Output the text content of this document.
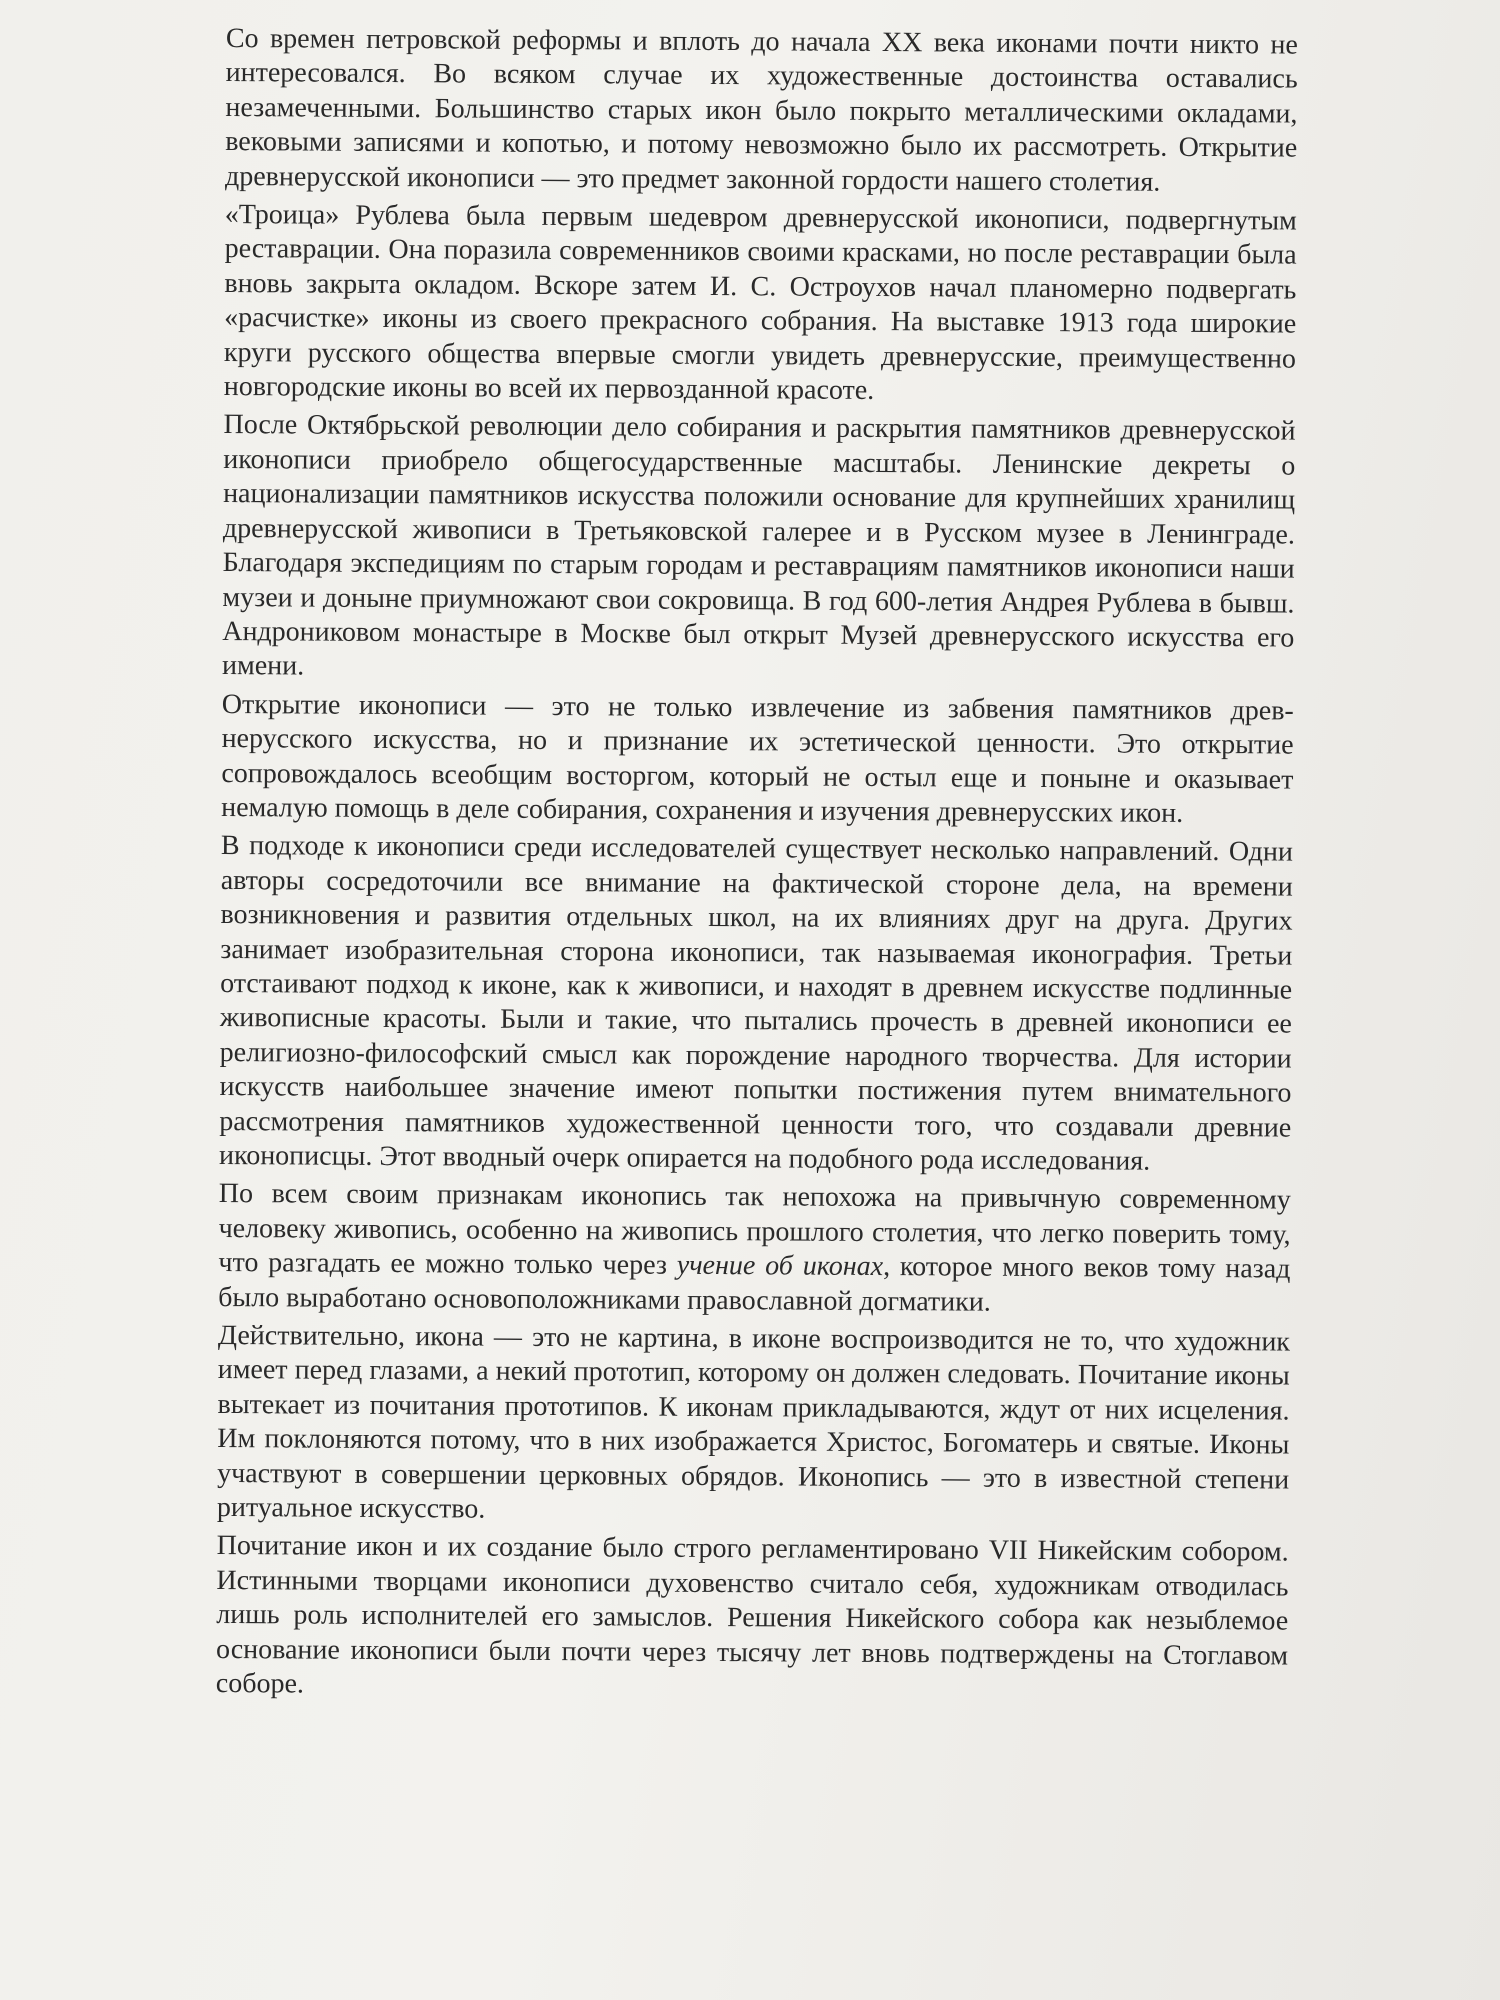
Со времен петровской реформы и вплоть до начала XX века иконами почти никто не интересовался. Во всяком случае их художественные достоинства оставались незамеченными. Большинство старых икон было покрыто металлическими окладами, вековыми записями и копотью, и потому невозможно было их рассмотреть. Открытие древнерусской иконописи — это предмет законной гордости нашего столетия.

«Троица» Рублева была первым шедевром древнерусской иконописи, подвергнутым реставрации. Она поразила современников своими красками, но после реставрации была вновь закрыта окладом. Вскоре затем И. С. Остроухов начал планомерно подвергать «расчистке» иконы из своего прекрасного собрания. На выставке 1913 года широкие круги русского общества впервые смогли увидеть древнерусские, преимущественно новгородские иконы во всей их первозданной красоте.

После Октябрьской революции дело собирания и раскрытия памятников древнерусской иконописи приобрело общегосударственные масштабы. Ленинские декреты о национализации памятников искусства положили основание для крупнейших хранилищ древнерусской живописи в Третьяковской галерее и в Русском музее в Ленинграде. Благодаря экспедициям по старым городам и реставрациям памятников иконописи наши музеи и доныне приумножают свои сокровища. В год 600-летия Андрея Рублева в бывш. Андрониковом монастыре в Москве был открыт Музей древнерусского искусства его имени.

Открытие иконописи — это не только извлечение из забвения памятников древнерусского искусства, но и признание их эстетической ценности. Это открытие сопровождалось всеобщим восторгом, который не остыл еще и поныне и оказывает немалую помощь в деле собирания, сохранения и изучения древнерусских икон.

В подходе к иконописи среди исследователей существует несколько направлений. Одни авторы сосредоточили все внимание на фактической стороне дела, на времени возникновения и развития отдельных школ, на их влияниях друг на друга. Других занимает изобразительная сторона иконописи, так называемая иконография. Третьи отстаивают подход к иконе, как к живописи, и находят в древнем искусстве подлинные живописные красоты. Были и такие, что пытались прочесть в древней иконописи ее религиозно-философский смысл как порождение народного творчества. Для истории искусств наибольшее значение имеют попытки постижения путем внимательного рассмотрения памятников художественной ценности того, что создавали древние иконописцы. Этот вводный очерк опирается на подобного рода исследования.

По всем своим признакам иконопись так непохожа на привычную современному человеку живопись, особенно на живопись прошлого столетия, что легко поверить тому, что разгадать ее можно только через учение об иконах, которое много веков тому назад было выработано основоположниками православной догматики.

Действительно, икона — это не картина, в иконе воспроизводится не то, что художник имеет перед глазами, а некий прототип, которому он должен следовать. Почитание иконы вытекает из почитания прототипов. К иконам прикладываются, ждут от них исцеления. Им поклоняются потому, что в них изображается Христос, Богоматерь и святые. Иконы участвуют в совершении церковных обрядов. Иконопись — это в известной степени ритуальное искусство.

Почитание икон и их создание было строго регламентировано VII Никейским собором. Истинными творцами иконописи духовенство считало себя, художникам отводилась лишь роль исполнителей его замыслов. Решения Никейского собора как незыблемое основание иконописи были почти через тысячу лет вновь подтверждены на Стоглавом соборе.
